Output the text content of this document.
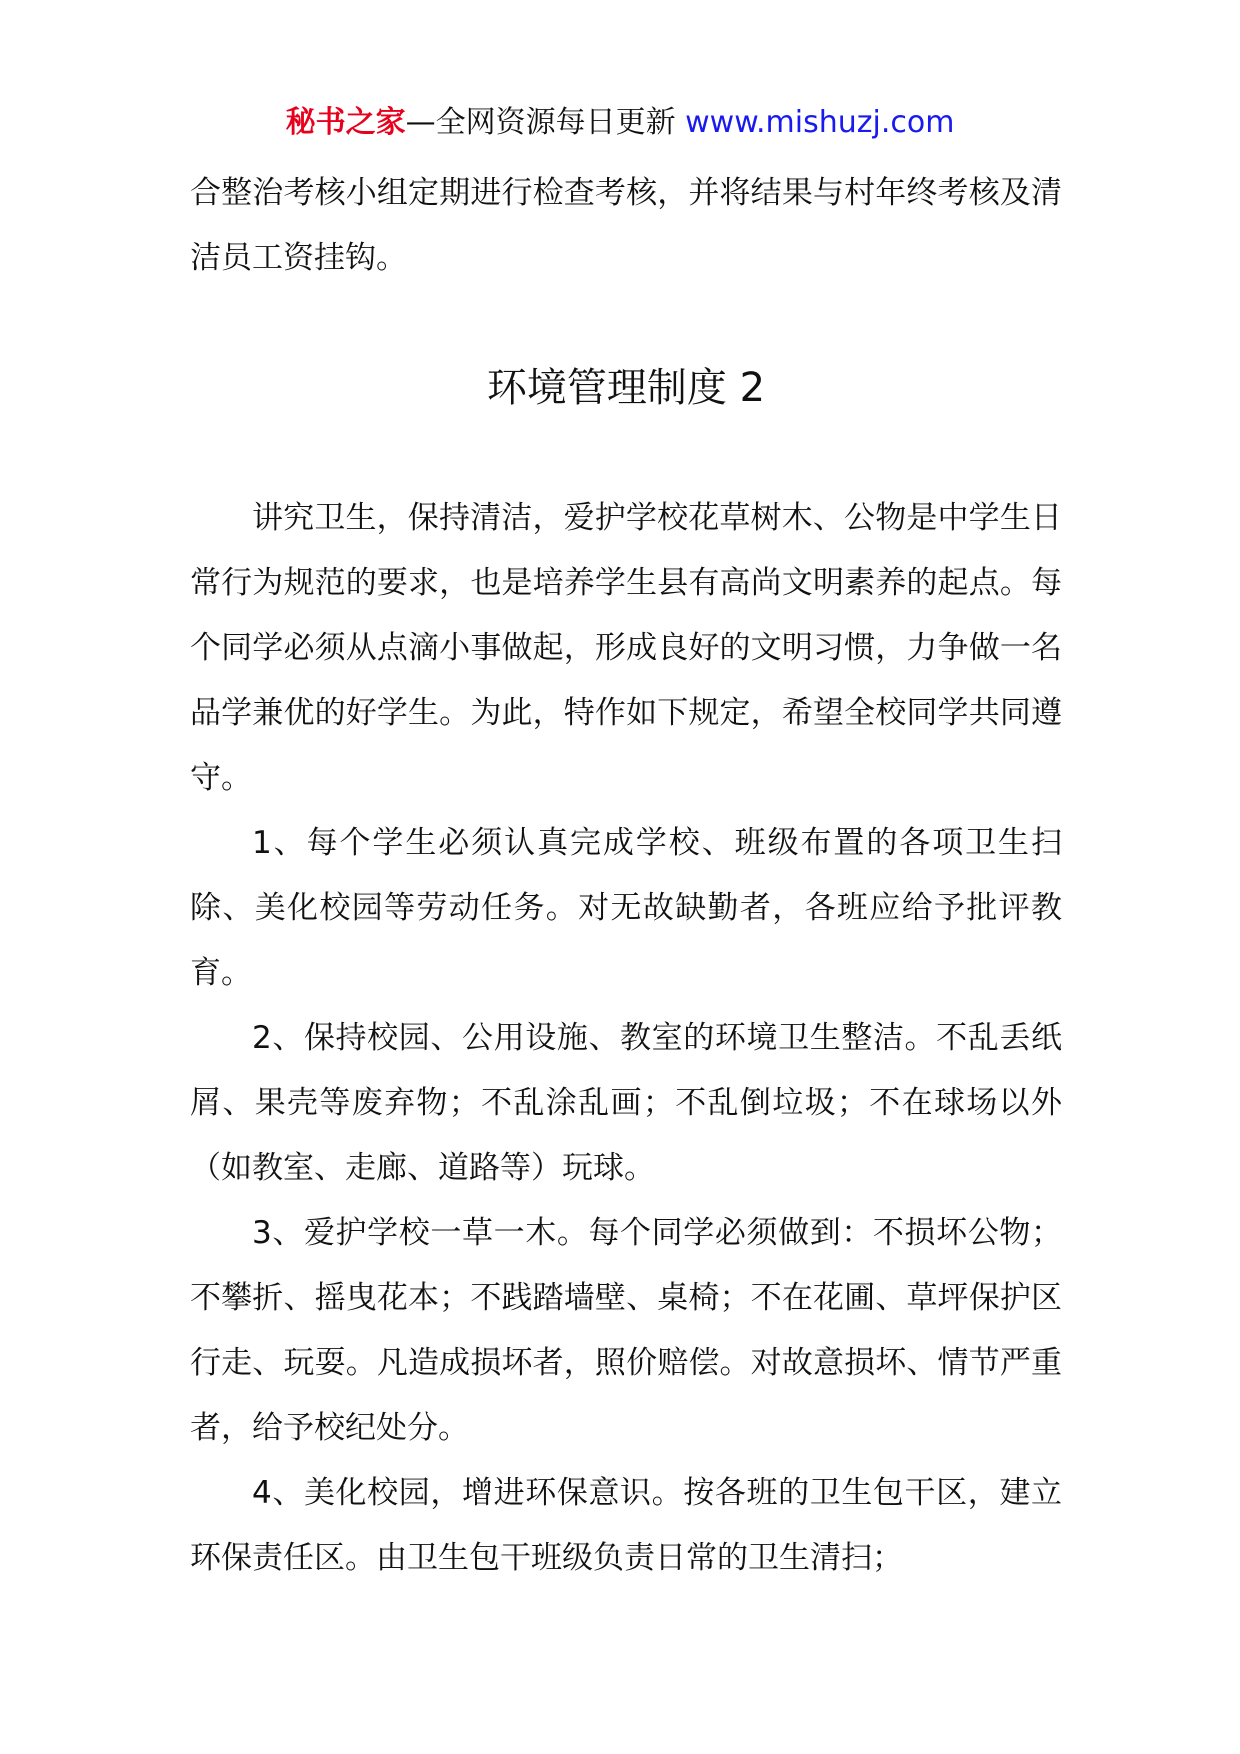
秘书之家—全网资源每日更新 www.mishuzj.com

合整治考核小组定期进行检查考核，并将结果与村年终考核及清洁员工资挂钩。

环境管理制度 2

讲究卫生，保持清洁，爱护学校花草树木、公物是中学生日常行为规范的要求，也是培养学生县有高尚文明素养的起点。每个同学必须从点滴小事做起，形成良好的文明习惯，力争做一名品学兼优的好学生。为此，特作如下规定，希望全校同学共同遵守。

1、每个学生必须认真完成学校、班级布置的各项卫生扫除、美化校园等劳动任务。对无故缺勤者，各班应给予批评教育。

2、保持校园、公用设施、教室的环境卫生整洁。不乱丢纸屑、果壳等废弃物；不乱涂乱画；不乱倒垃圾；不在球场以外（如教室、走廊、道路等）玩球。

3、爱护学校一草一木。每个同学必须做到：不损坏公物；不攀折、摇曳花本；不践踏墙壁、桌椅；不在花圃、草坪保护区行走、玩耍。凡造成损坏者，照价赔偿。对故意损坏、情节严重者，给予校纪处分。

4、美化校园，增进环保意识。按各班的卫生包干区，建立环保责任区。由卫生包干班级负责日常的卫生清扫；
